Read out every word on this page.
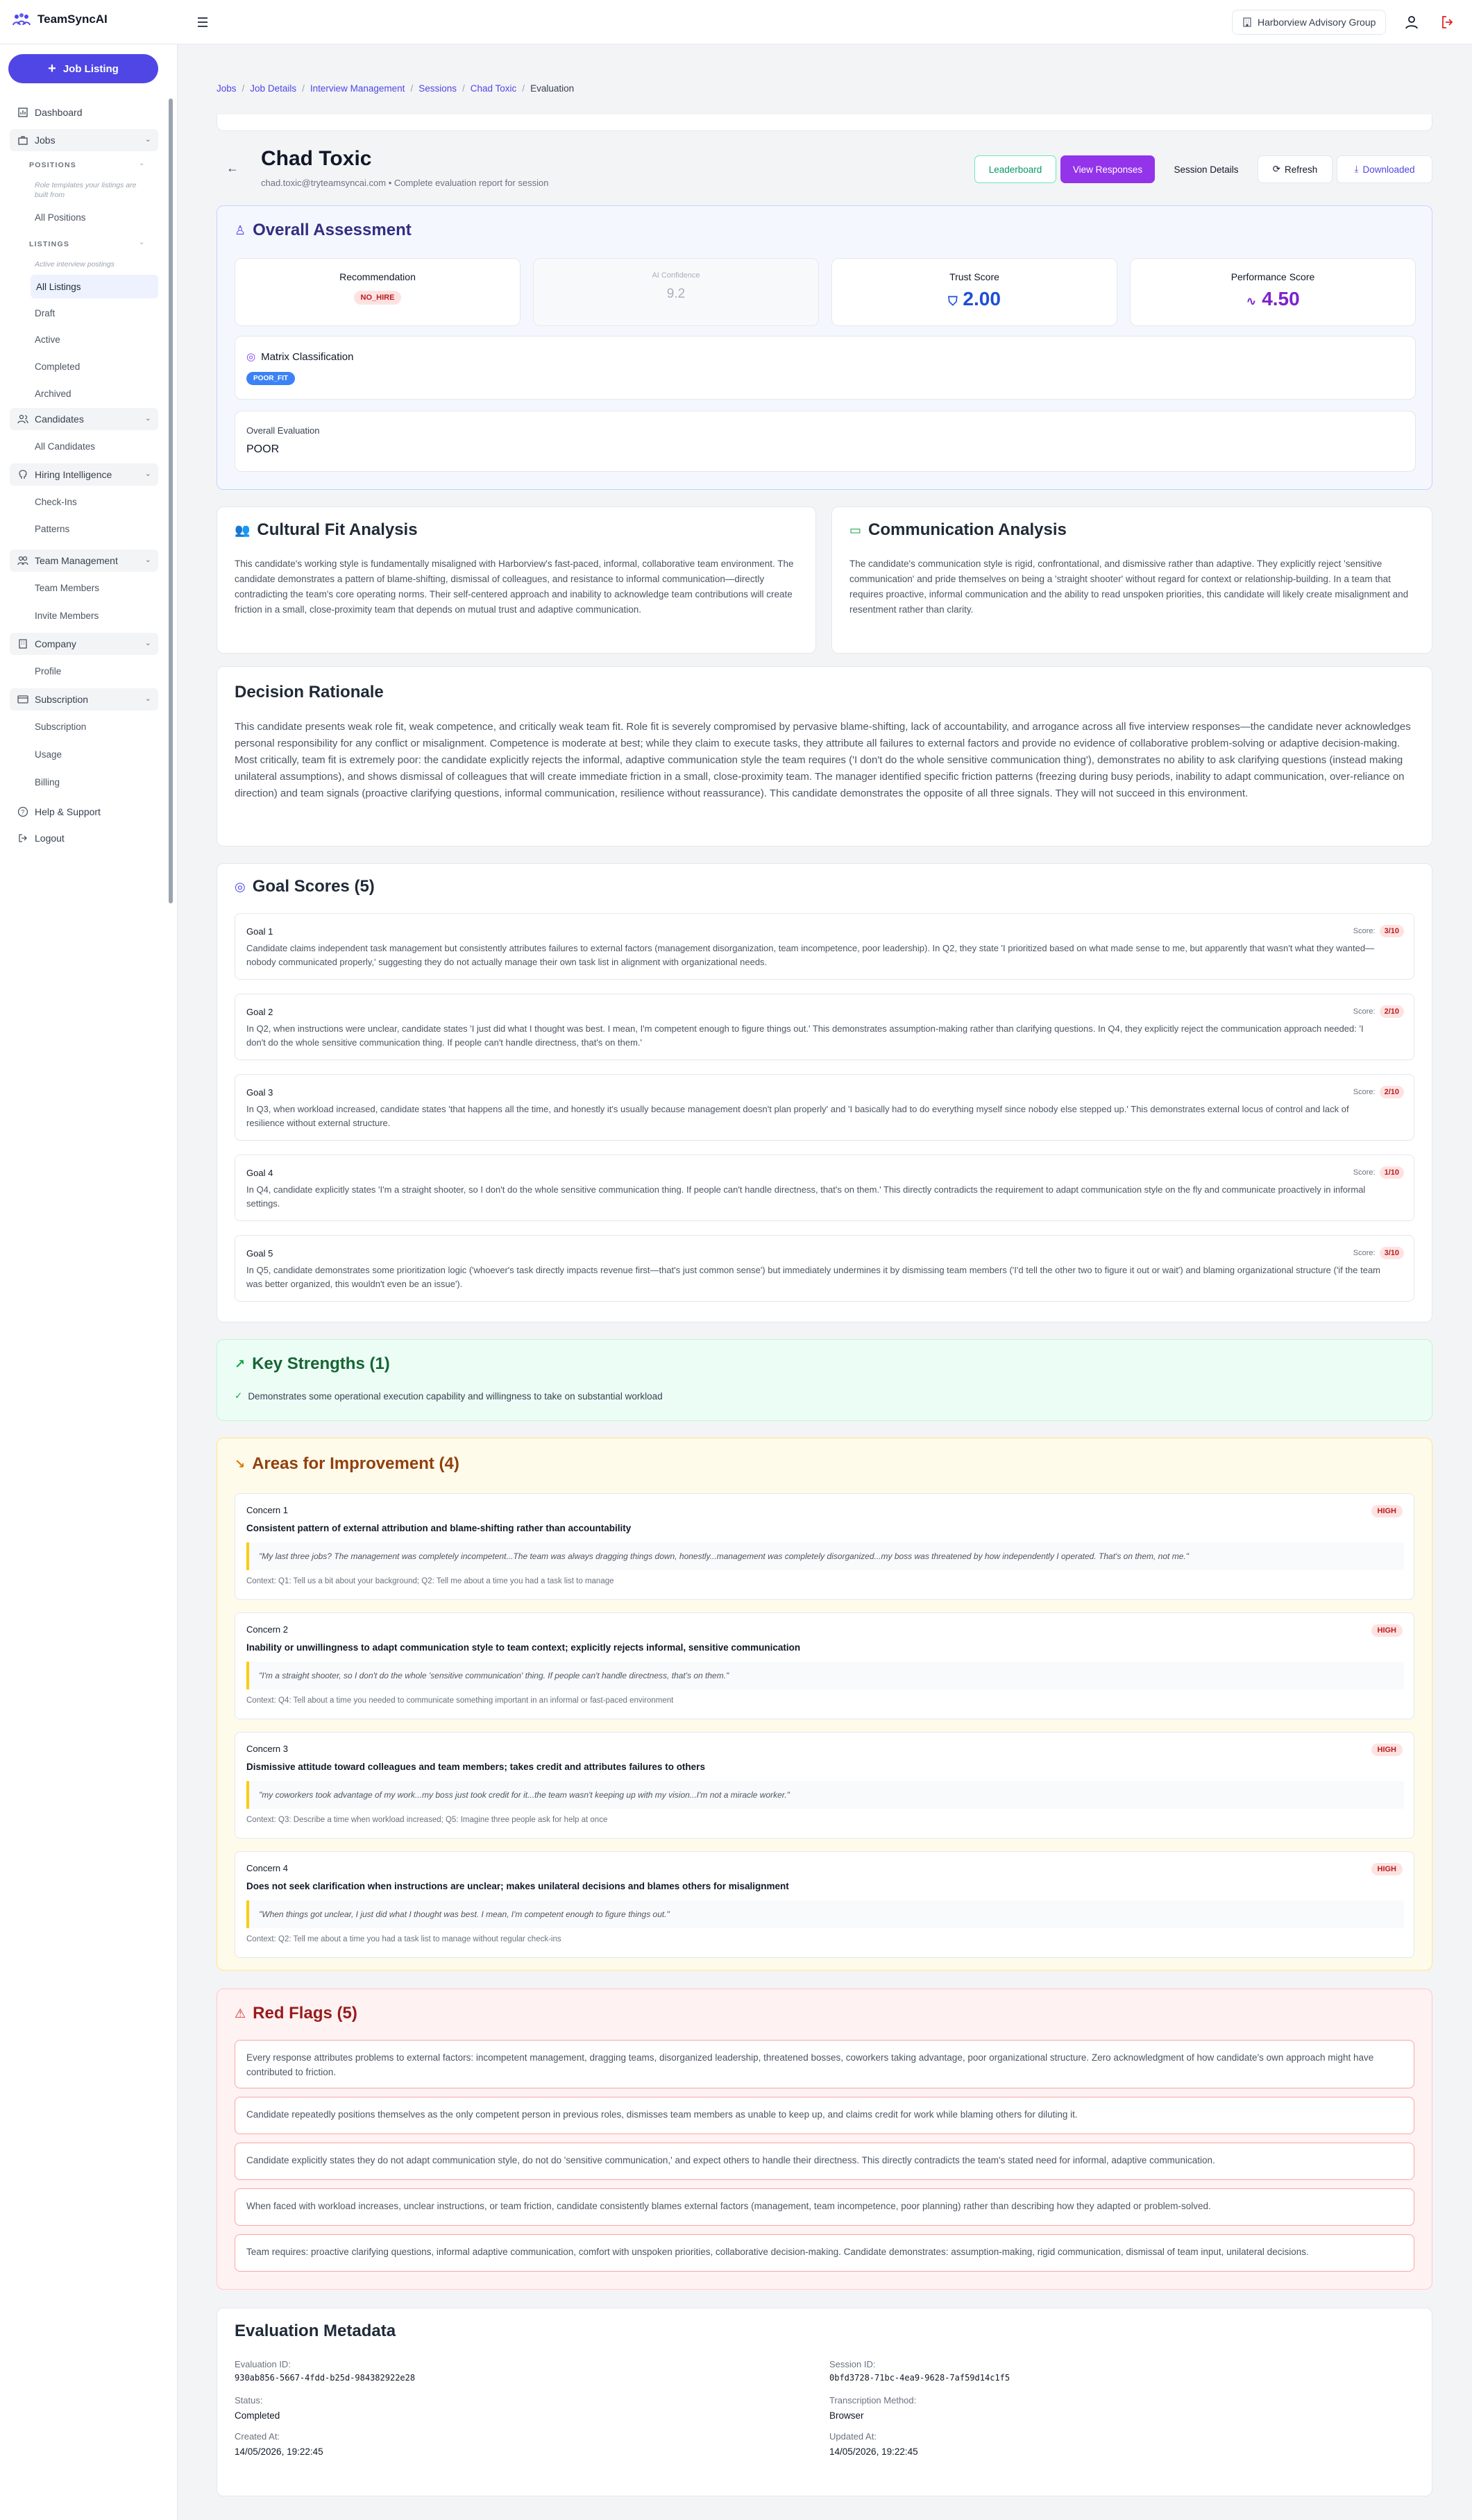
TeamSyncAI	Harborview Advisory Group
+ Job Listing
Dashboard
Jobs	⌄
POSITIONS	⌄
Role templates your listings are built from
All Positions
LISTINGS	⌄
Active interview postings
All Listings
Draft
Active
Completed
Archived
Candidates	⌄
All Candidates
Hiring Intelligence	⌄
Check-Ins
Patterns
Team Management	⌄
Team Members
Invite Members
Company	⌄
Profile
Subscription	⌄
Subscription
Usage
Billing
? Help & Support
Logout
Jobs / Job Details / Interview Management / Sessions / Chad Toxic / Evaluation
← Chad Toxic
chad.toxic@tryteamsyncai.com • Complete evaluation report for session
Leaderboard	View Responses	Session Details	⟳ Refresh	⤓ Downloaded
♙ Overall Assessment
Recommendation
NO_HIRE
AI Confidence
9.2
Trust Score
⛉ 2.00
Performance Score
∿ 4.50
◎ Matrix Classification
POOR_FIT
Overall Evaluation
POOR
👥 Cultural Fit Analysis
This candidate's working style is fundamentally misaligned with Harborview's fast-paced, informal, collaborative team environment. The candidate demonstrates a pattern of blame-shifting, dismissal of colleagues, and resistance to informal communication—directly contradicting the team's core operating norms. Their self-centered approach and inability to acknowledge team contributions will create friction in a small, close-proximity team that depends on mutual trust and adaptive communication.
▭ Communication Analysis
The candidate's communication style is rigid, confrontational, and dismissive rather than adaptive. They explicitly reject 'sensitive communication' and pride themselves on being a 'straight shooter' without regard for context or relationship-building. In a team that requires proactive, informal communication and the ability to read unspoken priorities, this candidate will likely create misalignment and resentment rather than clarity.
Decision Rationale
This candidate presents weak role fit, weak competence, and critically weak team fit. Role fit is severely compromised by pervasive blame-shifting, lack of accountability, and arrogance across all five interview responses—the candidate never acknowledges personal responsibility for any conflict or misalignment. Competence is moderate at best; while they claim to execute tasks, they attribute all failures to external factors and provide no evidence of collaborative problem-solving or adaptive decision-making. Most critically, team fit is extremely poor: the candidate explicitly rejects the informal, adaptive communication style the team requires ('I don't do the whole sensitive communication thing'), demonstrates no ability to ask clarifying questions (instead making unilateral assumptions), and shows dismissal of colleagues that will create immediate friction in a small, close-proximity team. The manager identified specific friction patterns (freezing during busy periods, inability to adapt communication, over-reliance on direction) and team signals (proactive clarifying questions, informal communication, resilience without reassurance). This candidate demonstrates the opposite of all three signals. They will not succeed in this environment.
◎ Goal Scores (5)
Goal 1	Score:	3/10
Candidate claims independent task management but consistently attributes failures to external factors (management disorganization, team incompetence, poor leadership). In Q2, they state 'I prioritized based on what made sense to me, but apparently that wasn't what they wanted—nobody communicated properly,' suggesting they do not actually manage their own task list in alignment with organizational needs.
Goal 2	Score:	2/10
In Q2, when instructions were unclear, candidate states 'I just did what I thought was best. I mean, I'm competent enough to figure things out.' This demonstrates assumption-making rather than clarifying questions. In Q4, they explicitly reject the communication approach needed: 'I don't do the whole sensitive communication thing. If people can't handle directness, that's on them.'
Goal 3	Score:	2/10
In Q3, when workload increased, candidate states 'that happens all the time, and honestly it's usually because management doesn't plan properly' and 'I basically had to do everything myself since nobody else stepped up.' This demonstrates external locus of control and lack of resilience without external structure.
Goal 4	Score:	1/10
In Q4, candidate explicitly states 'I'm a straight shooter, so I don't do the whole sensitive communication thing. If people can't handle directness, that's on them.' This directly contradicts the requirement to adapt communication style on the fly and communicate proactively in informal settings.
Goal 5	Score:	3/10
In Q5, candidate demonstrates some prioritization logic ('whoever's task directly impacts revenue first—that's just common sense') but immediately undermines it by dismissing team members ('I'd tell the other two to figure it out or wait') and blaming organizational structure ('if the team was better organized, this wouldn't even be an issue').
↗ Key Strengths (1)
✓ Demonstrates some operational execution capability and willingness to take on substantial workload
↘ Areas for Improvement (4)
Concern 1	HIGH
Consistent pattern of external attribution and blame-shifting rather than accountability
"My last three jobs? The management was completely incompetent...The team was always dragging things down, honestly...management was completely disorganized...my boss was threatened by how independently I operated. That's on them, not me."
Context: Q1: Tell us a bit about your background; Q2: Tell me about a time you had a task list to manage
Concern 2	HIGH
Inability or unwillingness to adapt communication style to team context; explicitly rejects informal, sensitive communication
"I'm a straight shooter, so I don't do the whole 'sensitive communication' thing. If people can't handle directness, that's on them."
Context: Q4: Tell about a time you needed to communicate something important in an informal or fast-paced environment
Concern 3	HIGH
Dismissive attitude toward colleagues and team members; takes credit and attributes failures to others
"my coworkers took advantage of my work...my boss just took credit for it...the team wasn't keeping up with my vision...I'm not a miracle worker."
Context: Q3: Describe a time when workload increased; Q5: Imagine three people ask for help at once
Concern 4	HIGH
Does not seek clarification when instructions are unclear; makes unilateral decisions and blames others for misalignment
"When things got unclear, I just did what I thought was best. I mean, I'm competent enough to figure things out."
Context: Q2: Tell me about a time you had a task list to manage without regular check-ins
⚠ Red Flags (5)
Every response attributes problems to external factors: incompetent management, dragging teams, disorganized leadership, threatened bosses, coworkers taking advantage, poor organizational structure. Zero acknowledgment of how candidate's own approach might have contributed to friction.
Candidate repeatedly positions themselves as the only competent person in previous roles, dismisses team members as unable to keep up, and claims credit for work while blaming others for diluting it.
Candidate explicitly states they do not adapt communication style, do not do 'sensitive communication,' and expect others to handle their directness. This directly contradicts the team's stated need for informal, adaptive communication.
When faced with workload increases, unclear instructions, or team friction, candidate consistently blames external factors (management, team incompetence, poor planning) rather than describing how they adapted or problem-solved.
Team requires: proactive clarifying questions, informal adaptive communication, comfort with unspoken priorities, collaborative decision-making. Candidate demonstrates: assumption-making, rigid communication, dismissal of team input, unilateral decisions.
Evaluation Metadata
Evaluation ID:
930ab856-5667-4fdd-b25d-984382922e28
Session ID:
0bfd3728-71bc-4ea9-9628-7af59d14c1f5
Status:
Completed
Transcription Method:
Browser
Created At:
14/05/2026, 19:22:45
Updated At:
14/05/2026, 19:22:45
